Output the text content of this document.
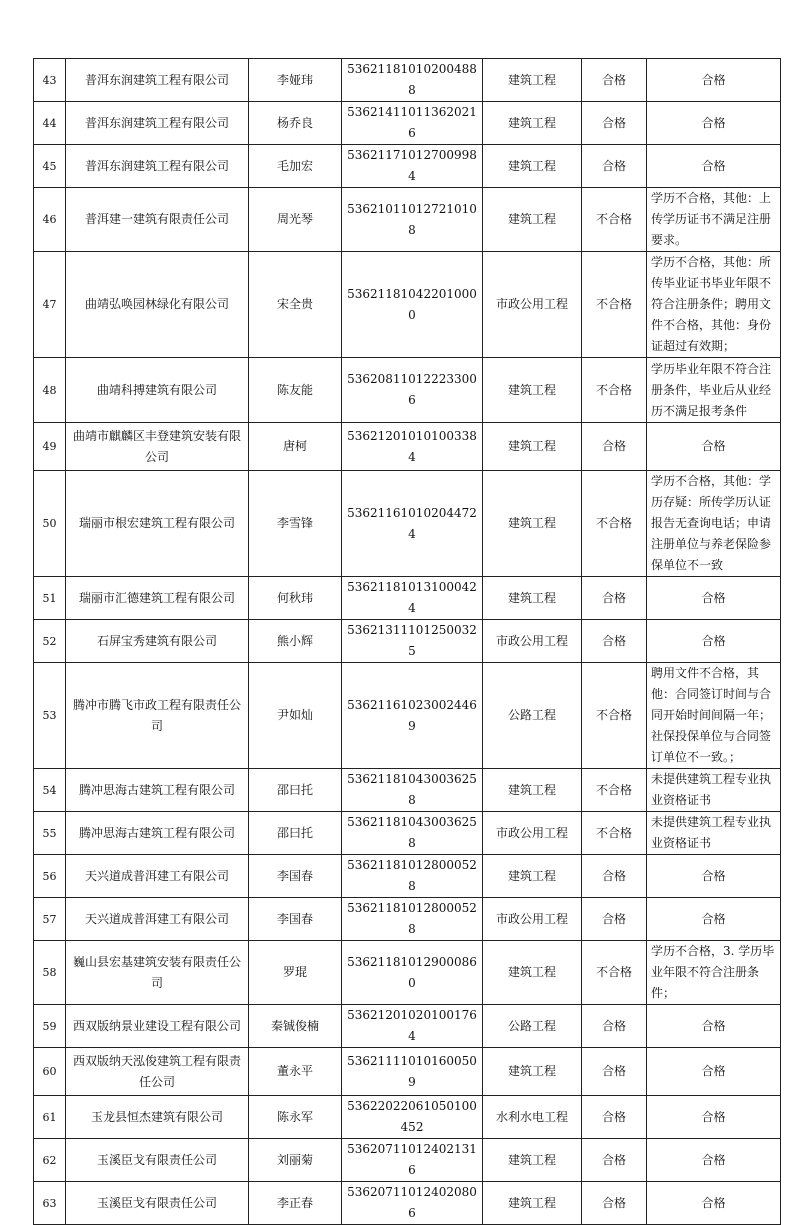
43	普洱东润建筑工程有限公司	李娅玮	536211810102004888	建筑工程	合格	合格
44	普洱东润建筑工程有限公司	杨乔良	536214110113620216	建筑工程	合格	合格
45	普洱东润建筑工程有限公司	毛加宏	536211710127009984	建筑工程	合格	合格
46	普洱建一建筑有限责任公司	周光琴	536210110127210108	建筑工程	不合格	学历不合格，其他：上传学历证书不满足注册要求。
47	曲靖弘唤园林绿化有限公司	宋全贵	536211810422010000	市政公用工程	不合格	学历不合格，其他：所传毕业证书毕业年限不符合注册条件；聘用文件不合格，其他：身份证超过有效期；
48	曲靖科搏建筑有限公司	陈友能	536208110122233006	建筑工程	不合格	学历毕业年限不符合注册条件，毕业后从业经历不满足报考条件
49	曲靖市麒麟区丰登建筑安装有限公司	唐柯	536212010101003384	建筑工程	合格	合格
50	瑞丽市根宏建筑工程有限公司	李雪锋	536211610102044724	建筑工程	不合格	学历不合格，其他：学历存疑：所传学历认证报告无查询电话；申请注册单位与养老保险参保单位不一致
51	瑞丽市汇德建筑工程有限公司	何秋玮	536211810131000424	建筑工程	合格	合格
52	石屏宝秀建筑有限公司	熊小辉	536213111012500325	市政公用工程	合格	合格
53	腾冲市腾飞市政工程有限责任公司	尹如灿	536211610230024469	公路工程	不合格	聘用文件不合格，其他：合同签订时间与合同开始时间间隔一年；社保投保单位与合同签订单位不一致。；
54	腾冲思海古建筑工程有限公司	邵曰托	536211810430036258	建筑工程	不合格	未提供建筑工程专业执业资格证书
55	腾冲思海古建筑工程有限公司	邵曰托	536211810430036258	市政公用工程	不合格	未提供建筑工程专业执业资格证书
56	天兴道成普洱建工有限公司	李国春	536211810128000528	建筑工程	合格	合格
57	天兴道成普洱建工有限公司	李国春	536211810128000528	市政公用工程	合格	合格
58	巍山县宏基建筑安装有限责任公司	罗琨	536211810129000860	建筑工程	不合格	学历不合格，3. 学历毕业年限不符合注册条件；
59	西双版纳景业建设工程有限公司	秦铖俊楠	536212010201001764	公路工程	合格	合格
60	西双版纳天泓俊建筑工程有限责任公司	董永平	536211110101600509	建筑工程	合格	合格
61	玉龙县恒杰建筑有限公司	陈永军	53622022061050100452	水利水电工程	合格	合格
62	玉溪臣戈有限责任公司	刘丽菊	536207110124021316	建筑工程	合格	合格
63	玉溪臣戈有限责任公司	李正春	536207110124020806	建筑工程	合格	合格
